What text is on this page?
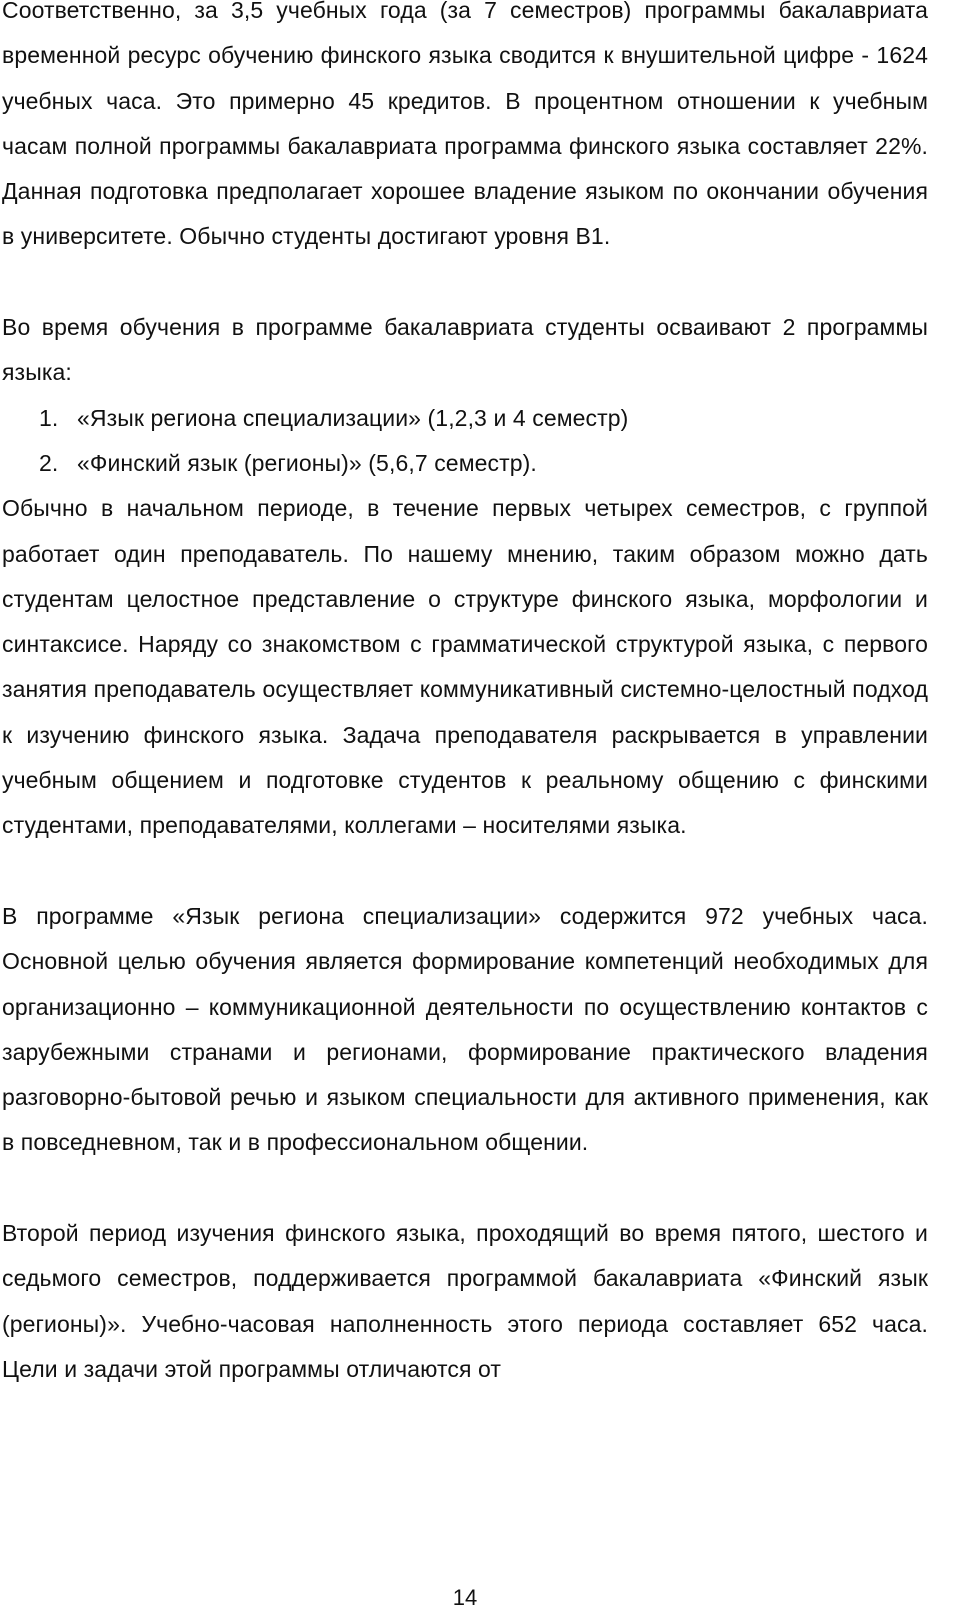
Соответственно, за 3,5 учебных года (за 7 семестров) программы бакалавриата временной ресурс обучению финского языка сводится к внушительной цифре - 1624 учебных часа. Это примерно 45 кредитов. В процентном отношении к учебным часам полной программы бакалавриата программа финского языка составляет 22%. Данная подготовка предполагает хорошее владение языком по окончании обучения в университете. Обычно студенты достигают уровня В1.

Во время обучения в программе бакалавриата студенты осваивают 2 программы языка:

1. «Язык региона специализации» (1,2,3 и 4 семестр)
2. «Финский язык (регионы)» (5,6,7 семестр).

Обычно в начальном периоде, в течение первых четырех семестров, с группой работает один преподаватель. По нашему мнению, таким образом можно дать студентам целостное представление о структуре финского языка, морфологии и синтаксисе. Наряду со знакомством с грамматической структурой языка, с первого занятия преподаватель осуществляет коммуникативный системно-целостный подход к изучению финского языка. Задача преподавателя раскрывается в управлении учебным общением и подготовке студентов к реальному общению с финскими студентами, преподавателями, коллегами – носителями языка.

В программе «Язык региона специализации» содержится 972 учебных часа. Основной целью обучения является формирование компетенций необходимых для организационно – коммуникационной деятельности по осуществлению контактов с зарубежными странами и регионами, формирование практического владения разговорно-бытовой речью и языком специальности для активного применения, как в повседневном, так и в профессиональном общении.

Второй период изучения финского языка, проходящий во время пятого, шестого и седьмого семестров, поддерживается программой бакалавриата «Финский язык (регионы)». Учебно-часовая наполненность этого периода составляет 652 часа. Цели и задачи этой программы отличаются от

14
